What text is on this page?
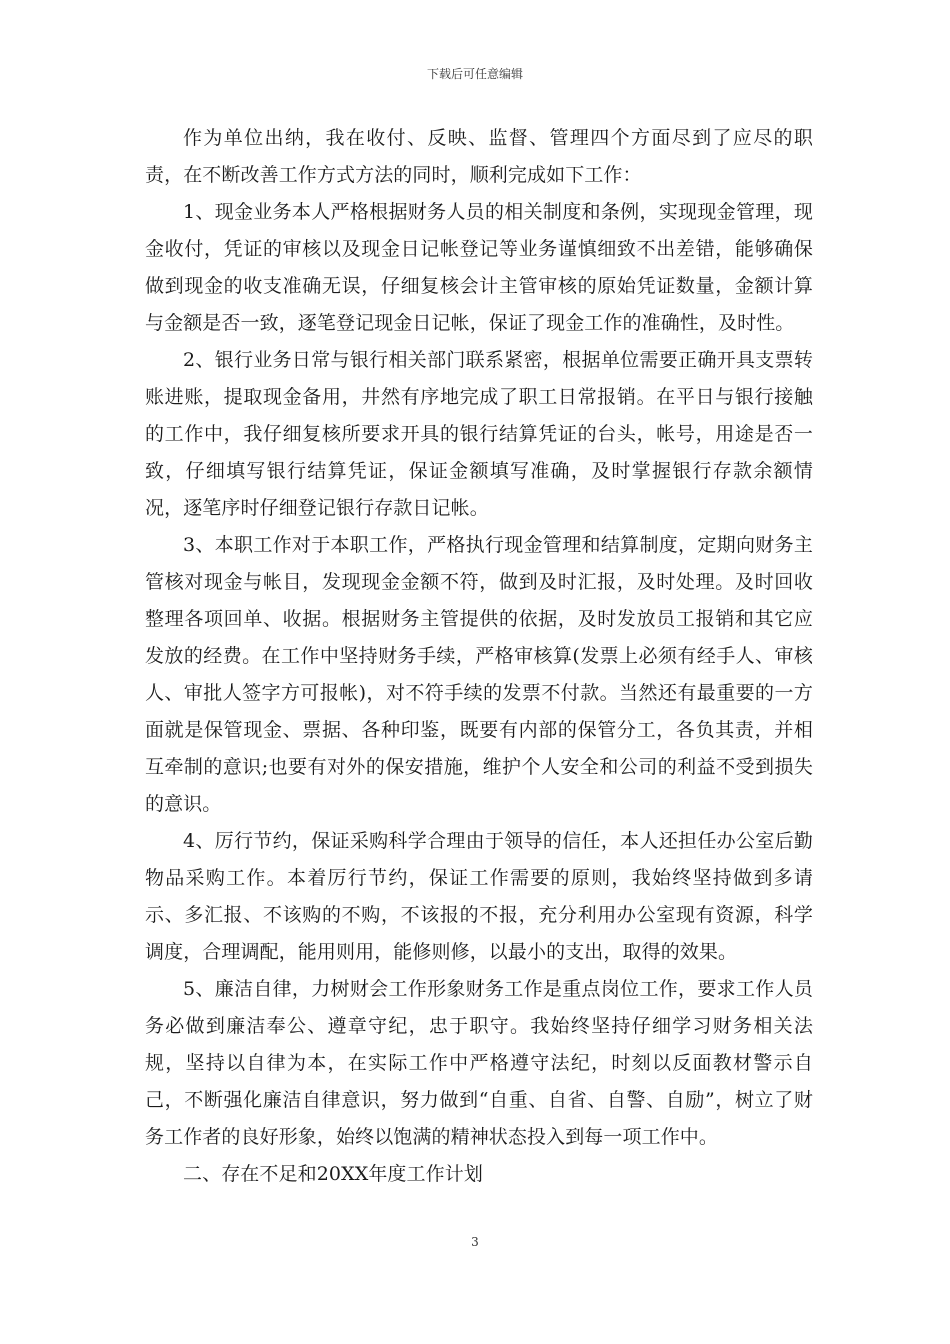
下载后可任意编辑

作为单位出纳，我在收付、反映、监督、管理四个方面尽到了应尽的职责，在不断改善工作方式方法的同时，顺利完成如下工作：

1、现金业务本人严格根据财务人员的相关制度和条例，实现现金管理，现金收付，凭证的审核以及现金日记帐登记等业务谨慎细致不出差错，能够确保做到现金的收支准确无误，仔细复核会计主管审核的原始凭证数量，金额计算与金额是否一致，逐笔登记现金日记帐，保证了现金工作的准确性，及时性。

2、银行业务日常与银行相关部门联系紧密，根据单位需要正确开具支票转账进账，提取现金备用，井然有序地完成了职工日常报销。在平日与银行接触的工作中，我仔细复核所要求开具的银行结算凭证的台头，帐号，用途是否一致，仔细填写银行结算凭证，保证金额填写准确，及时掌握银行存款余额情况，逐笔序时仔细登记银行存款日记帐。

3、本职工作对于本职工作，严格执行现金管理和结算制度，定期向财务主管核对现金与帐目，发现现金金额不符，做到及时汇报，及时处理。及时回收整理各项回单、收据。根据财务主管提供的依据，及时发放员工报销和其它应发放的经费。在工作中坚持财务手续，严格审核算(发票上必须有经手人、审核人、审批人签字方可报帐)，对不符手续的发票不付款。当然还有最重要的一方面就是保管现金、票据、各种印鉴，既要有内部的保管分工，各负其责，并相互牵制的意识;也要有对外的保安措施，维护个人安全和公司的利益不受到损失的意识。

4、厉行节约，保证采购科学合理由于领导的信任，本人还担任办公室后勤物品采购工作。本着厉行节约，保证工作需要的原则，我始终坚持做到多请示、多汇报、不该购的不购，不该报的不报，充分利用办公室现有资源，科学调度，合理调配，能用则用，能修则修，以最小的支出，取得的效果。

5、廉洁自律，力树财会工作形象财务工作是重点岗位工作，要求工作人员务必做到廉洁奉公、遵章守纪，忠于职守。我始终坚持仔细学习财务相关法规，坚持以自律为本，在实际工作中严格遵守法纪，时刻以反面教材警示自己，不断强化廉洁自律意识，努力做到“自重、自省、自警、自励”，树立了财务工作者的良好形象，始终以饱满的精神状态投入到每一项工作中。

二、存在不足和20XX年度工作计划

3
